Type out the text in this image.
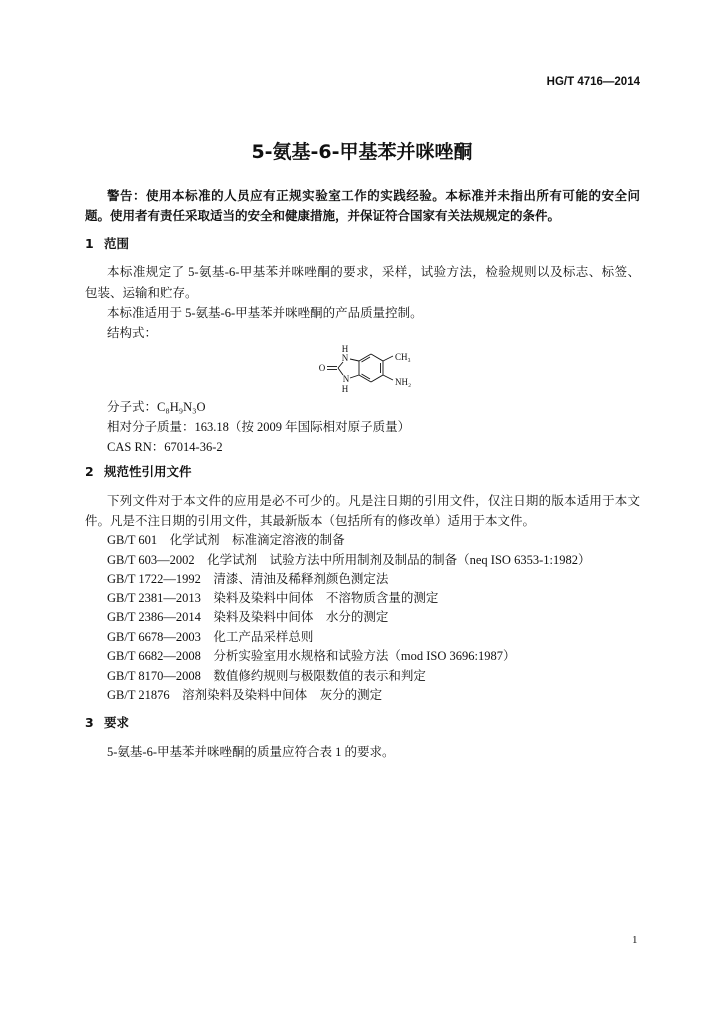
HG/T 4716—2014
5-氨基-6-甲基苯并咪唑酮
警告：使用本标准的人员应有正规实验室工作的实践经验。本标准并未指出所有可能的安全问
题。使用者有责任采取适当的安全和健康措施，并保证符合国家有关法规规定的条件。
1 范围
本标准规定了 5-氨基-6-甲基苯并咪唑酮的要求，采样，试验方法，检验规则以及标志、标签、
包装、运输和贮存。
本标准适用于 5-氨基-6-甲基苯并咪唑酮的产品质量控制。
结构式：
H
N	CH₃
O
N
H
NH₂
分子式：C₈H₉N₃O
相对分子质量：163.18（按 2009 年国际相对原子质量）
CAS RN：67014-36-2
2 规范性引用文件
下列文件对于本文件的应用是必不可少的。凡是注日期的引用文件，仅注日期的版本适用于本文
件。凡是不注日期的引用文件，其最新版本（包括所有的修改单）适用于本文件。
GB/T 601　化学试剂　标准滴定溶液的制备
GB/T 603—2002　化学试剂　试验方法中所用制剂及制品的制备（neq ISO 6353-1:1982）
GB/T 1722—1992　清漆、清油及稀释剂颜色测定法
GB/T 2381—2013　染料及染料中间体　不溶物质含量的测定
GB/T 2386—2014　染料及染料中间体　水分的测定
GB/T 6678—2003　化工产品采样总则
GB/T 6682—2008　分析实验室用水规格和试验方法（mod ISO 3696:1987）
GB/T 8170—2008　数值修约规则与极限数值的表示和判定
GB/T 21876　溶剂染料及染料中间体　灰分的测定
3 要求
5-氨基-6-甲基苯并咪唑酮的质量应符合表 1 的要求。
1
